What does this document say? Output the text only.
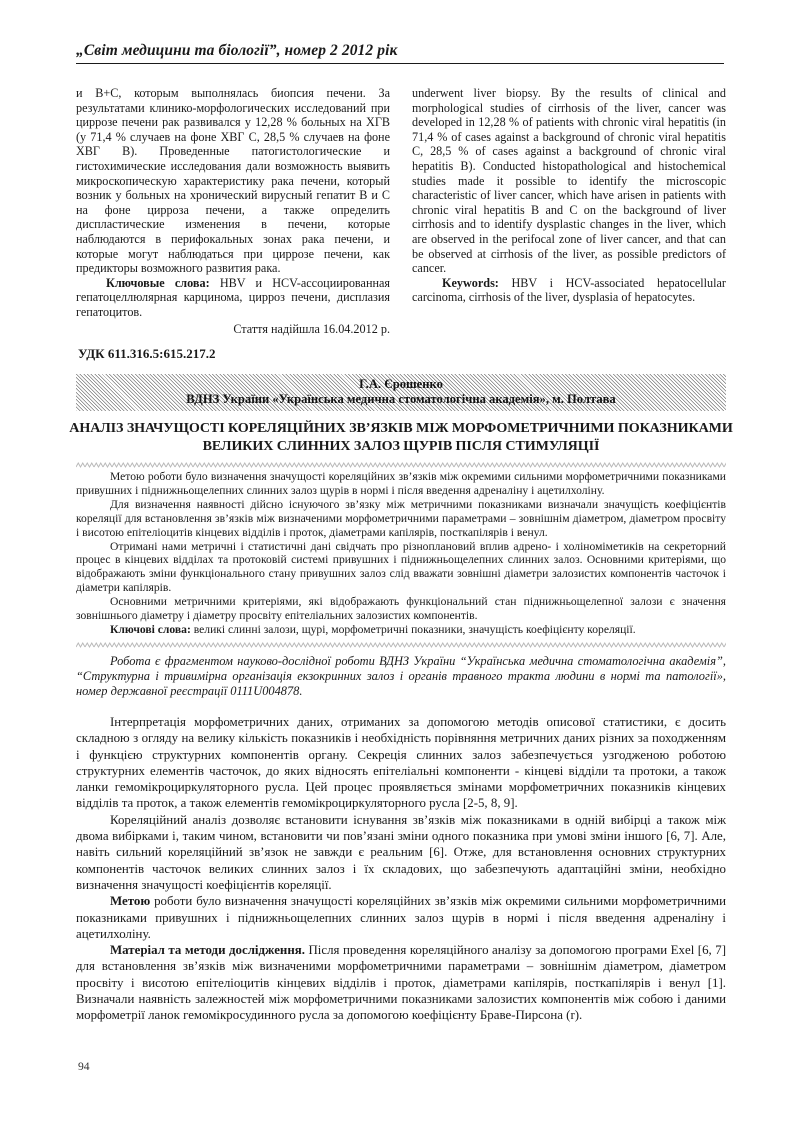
„Світ медицини та біології”, номер 2 2012 рік

и В+С, которым выполнялась биопсия печени. За результатами клинико-морфологических исследований при циррозе печени рак развивался у 12,28 % больных на ХГВ (у 71,4 % случаев на фоне ХВГ С, 28,5 % случаев на фоне ХВГ В). Проведенные патогистологические и гистохимические исследования дали возможность выявить микроскопическую характеристику рака печени, который возник у больных на хронический вирусный гепатит В и С на фоне цирроза печени, а также определить диспластические изменения в печени, которые наблюдаются в перифокальных зонах рака печени, и которые могут наблюдаться при циррозе печени, как предикторы возможного развития рака.

Ключовые слова: HBV и HCV-ассоциированная гепатоцеллюлярная карцинома, цирроз печени, дисплазия гепатоцитов.

Стаття надійшла 16.04.2012 р.

underwent liver biopsy. By the results of clinical and morphological studies of cirrhosis of the liver, cancer was developed in 12,28 % of patients with chronic viral hepatitis (in 71,4 % of cases against a background of chronic viral hepatitis C, 28,5 % of cases against a background of chronic viral hepatitis B). Conducted histopathological and histochemical studies made it possible to identify the microscopic characteristic of liver cancer, which have arisen in patients with chronic viral hepatitis B and C on the background of liver cirrhosis and to identify dysplastic changes in the liver, which are observed in the perifocal zone of liver cancer, and that can be observed at cirrhosis of the liver, as possible predictors of cancer.

Keywords: HBV i HCV-associated hepatocellular carcinoma, cirrhosis of the liver, dysplasia of hepatocytes.

УДК 611.316.5:615.217.2
Г.А. Єрошенко
ВДНЗ України «Українська медична стоматологічна академія», м. Полтава
АНАЛІЗ ЗНАЧУЩОСТІ КОРЕЛЯЦІЙНИХ ЗВ’ЯЗКІВ МІЖ МОРФОМЕТРИЧНИМИ ПОКАЗНИКАМИ ВЕЛИКИХ СЛИННИХ ЗАЛОЗ ЩУРІВ ПІСЛЯ СТИМУЛЯЦІЇ

Метою роботи було визначення значущості кореляційних зв’язків між окремими сильними морфометричними показниками привушних і піднижньощелепних слинних залоз щурів в нормі і після введення адреналіну і ацетилхоліну.

Для визначення наявності дійсно існуючого зв’язку між метричними показниками визначали значущість коефіцієнтів кореляції для встановлення зв’язків між визначеними морфометричними параметрами – зовнішнім діаметром, діаметром просвіту і висотою епітеліоцитів кінцевих відділів і проток, діаметрами капілярів, посткапілярів і венул.

Отримані нами метричні і статистичні дані свідчать про різноплановий вплив адрено- і холіноміметиків на секреторний процес в кінцевих відділах та протоковій системі привушних і піднижньощелепних слинних залоз. Основними критеріями, що відображають зміни функціонального стану привушних залоз слід вважати зовнішні діаметри залозистих компонентів часточок і діаметри капілярів.

Основними метричними критеріями, які відображають функціональний стан піднижньощелепної залози є значення зовнішнього діаметру і діаметру просвіту епітеліальних залозистих компонентів.

Ключові слова: великі слинні залози, щурі, морфометричні показники, значущість коефіцієнту кореляції.

Робота є фрагментом науково-дослідної роботи ВДНЗ України “Українська медична стоматологічна академія”, “Структурна і тривимірна організація екзокринних залоз і органів травного тракта людини в нормі та патології», номер державної реєстрації 0111U004878.

Інтерпретація морфометричних даних, отриманих за допомогою методів описової статистики, є досить складною з огляду на велику кількість показників і необхідність порівняння метричних даних різних за походженням і функцією структурних компонентів органу. Секреція слинних залоз забезпечується узгодженою роботою структурних елементів часточок, до яких відносять епітеліальні компоненти - кінцеві відділи та протоки, а також ланки гемомікроциркуляторного русла. Цей процес проявляється змінами морфометричних показників кінцевих відділів та проток, а також елементів гемомікроциркуляторного русла [2-5, 8, 9].

Кореляційний аналіз дозволяє встановити існування зв’язків між показниками в одній вибірці а також між двома вибірками і, таким чином, встановити чи пов’язані зміни одного показника при умові зміни іншого [6, 7]. Але, навіть сильний кореляційний зв’язок не завжди є реальним [6]. Отже, для встановлення основних структурних компонентів часточок великих слинних залоз і їх складових, що забезпечують адаптаційні зміни, необхідно визначення значущості коефіцієнтів кореляції.

Метою роботи було визначення значущості кореляційних зв’язків між окремими сильними морфометричними показниками привушних і піднижньощелепних слинних залоз щурів в нормі і після введення адреналіну і ацетилхоліну.

Матеріал та методи дослідження. Після проведення кореляційного аналізу за допомогою програми Exel [6, 7] для встановлення зв’язків між визначеними морфометричними параметрами – зовнішнім діаметром, діаметром просвіту і висотою епітеліоцитів кінцевих відділів і проток, діаметрами капілярів, посткапілярів і венул [1]. Визначали наявність залежностей між морфометричними показниками залозистих компонентів між собою і даними морфометрії ланок гемомікросудинного русла за допомогою коефіцієнту Браве-Пирсона (r).

94
